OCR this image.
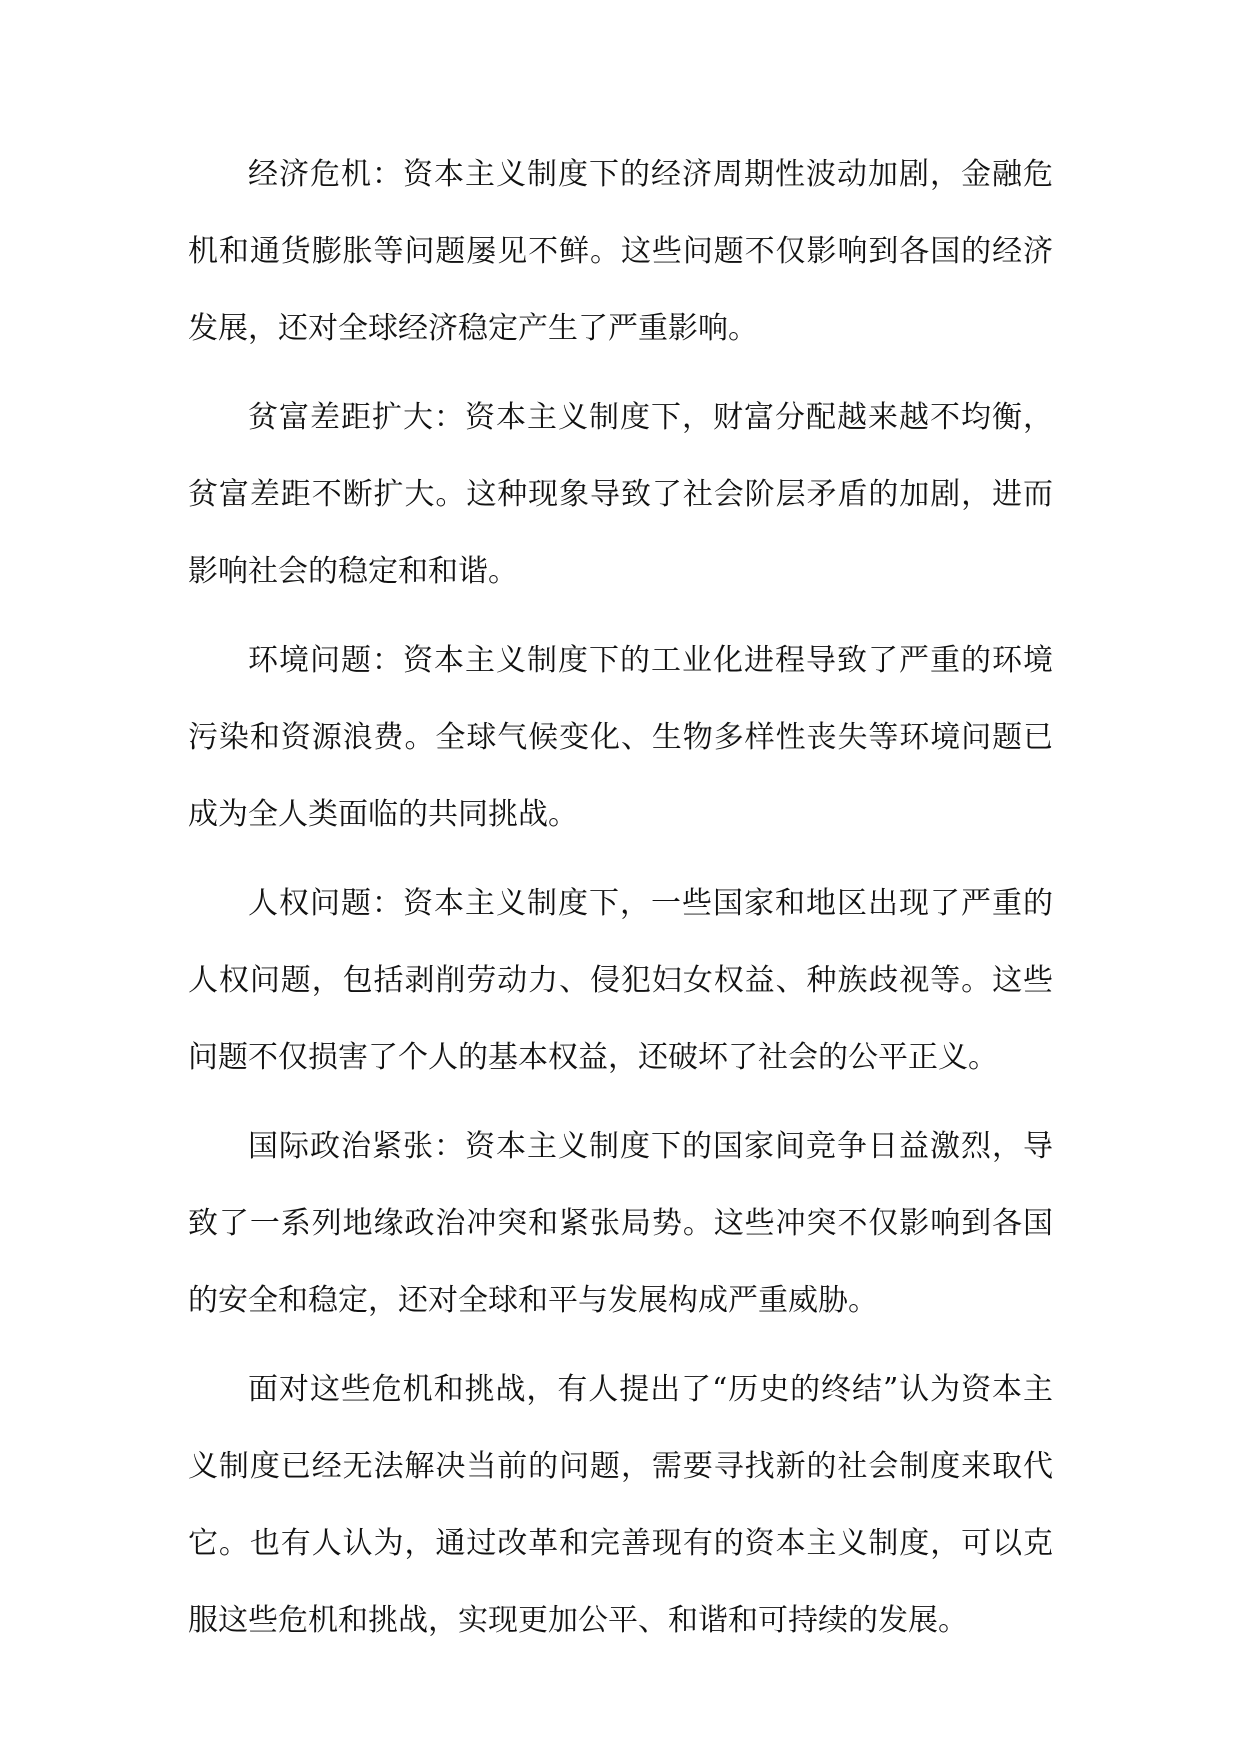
经济危机：资本主义制度下的经济周期性波动加剧，金融危机和通货膨胀等问题屡见不鲜。这些问题不仅影响到各国的经济发展，还对全球经济稳定产生了严重影响。

贫富差距扩大：资本主义制度下，财富分配越来越不均衡，贫富差距不断扩大。这种现象导致了社会阶层矛盾的加剧，进而影响社会的稳定和和谐。

环境问题：资本主义制度下的工业化进程导致了严重的环境污染和资源浪费。全球气候变化、生物多样性丧失等环境问题已成为全人类面临的共同挑战。

人权问题：资本主义制度下，一些国家和地区出现了严重的人权问题，包括剥削劳动力、侵犯妇女权益、种族歧视等。这些问题不仅损害了个人的基本权益，还破坏了社会的公平正义。

国际政治紧张：资本主义制度下的国家间竞争日益激烈，导致了一系列地缘政治冲突和紧张局势。这些冲突不仅影响到各国的安全和稳定，还对全球和平与发展构成严重威胁。

面对这些危机和挑战，有人提出了“历史的终结”认为资本主义制度已经无法解决当前的问题，需要寻找新的社会制度来取代它。也有人认为，通过改革和完善现有的资本主义制度，可以克服这些危机和挑战，实现更加公平、和谐和可持续的发展。
